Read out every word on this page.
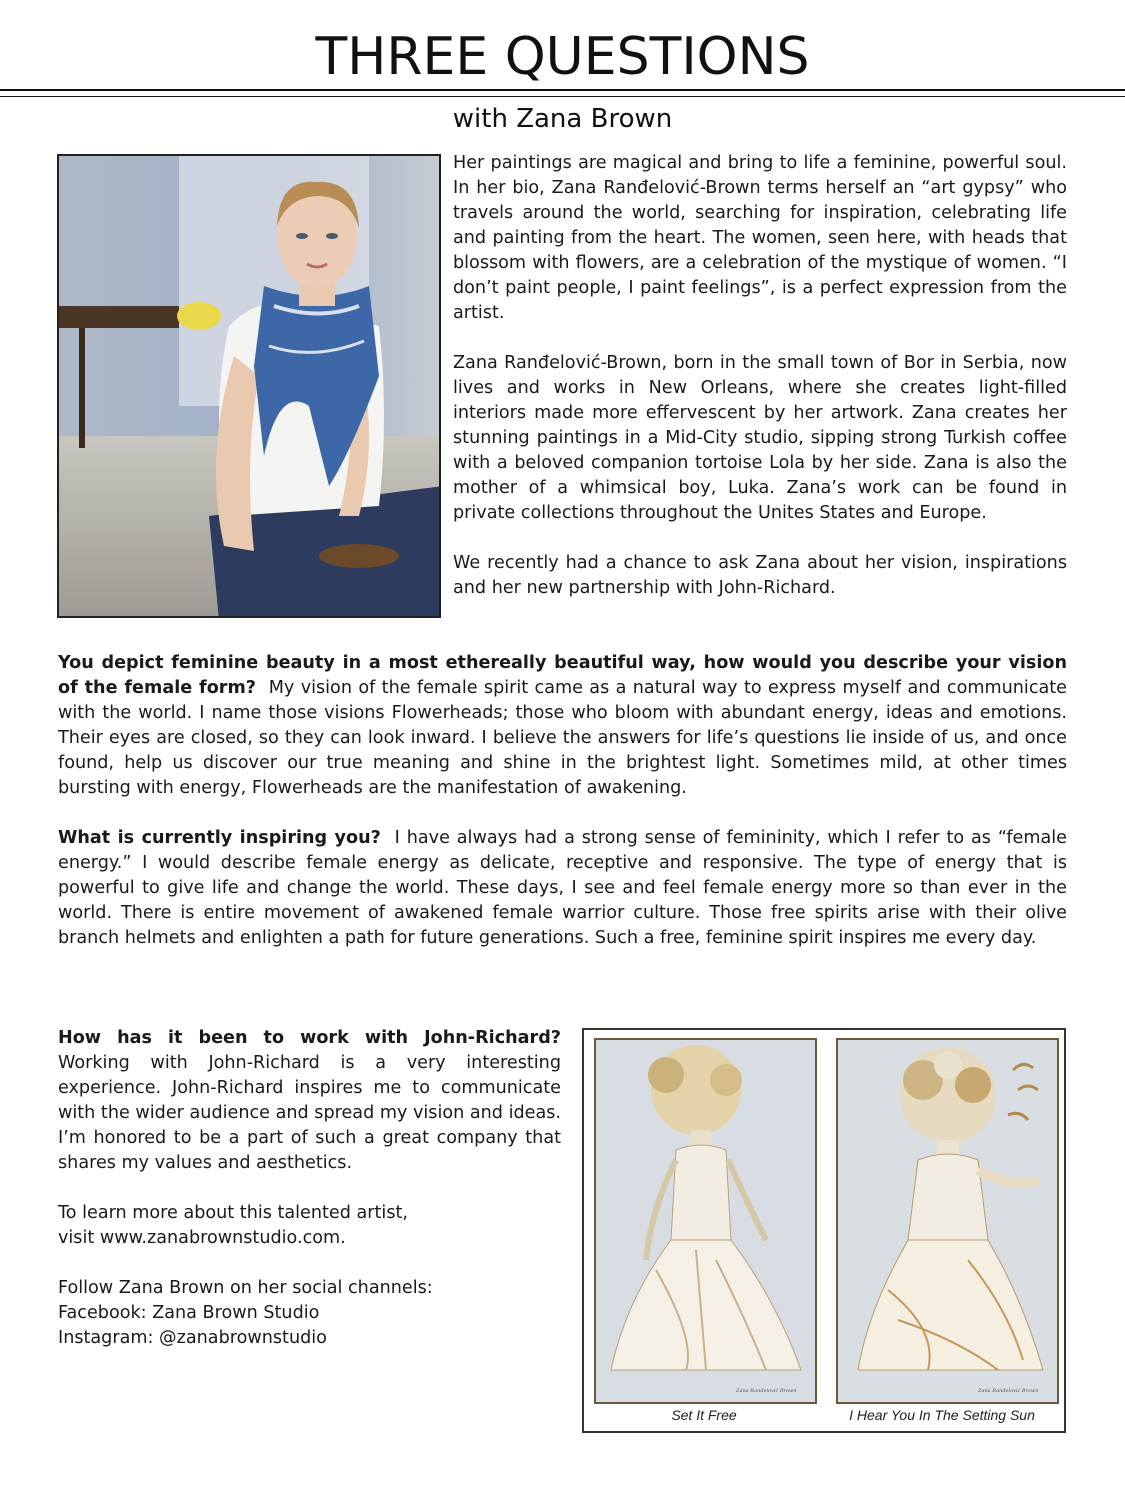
THREE QUESTIONS
with Zana Brown

Her paintings are magical and bring to life a feminine, powerful soul. In her bio, Zana Ranđelović-Brown terms herself an “art gypsy” who travels around the world, searching for inspiration, celebrating life and painting from the heart. The women, seen here, with heads that blossom with flowers, are a celebration of the mystique of women. “I don’t paint people, I paint feelings”, is a perfect expression from the artist.

Zana Ranđelović-Brown, born in the small town of Bor in Serbia, now lives and works in New Orleans, where she creates light-filled interiors made more effervescent by her artwork. Zana creates her stunning paintings in a Mid-City studio, sipping strong Turkish coffee with a beloved companion tortoise Lola by her side. Zana is also the mother of a whimsical boy, Luka. Zana’s work can be found in private collections throughout the Unites States and Europe.

We recently had a chance to ask Zana about her vision, inspirations and her new partnership with John-Richard.

You depict feminine beauty in a most ethereally beautiful way, how would you describe your vision of the female form? My vision of the female spirit came as a natural way to express myself and communicate with the world. I name those visions Flowerheads; those who bloom with abundant energy, ideas and emotions. Their eyes are closed, so they can look inward. I believe the answers for life’s questions lie inside of us, and once found, help us discover our true meaning and shine in the brightest light. Sometimes mild, at other times bursting with energy, Flowerheads are the manifestation of awakening.

What is currently inspiring you? I have always had a strong sense of femininity, which I refer to as “female energy.” I would describe female energy as delicate, receptive and responsive. The type of energy that is powerful to give life and change the world. These days, I see and feel female energy more so than ever in the world. There is entire movement of awakened female warrior culture. Those free spirits arise with their olive branch helmets and enlighten a path for future generations. Such a free, feminine spirit inspires me every day.

How has it been to work with John-Richard? Working with John-Richard is a very interesting experience. John-Richard inspires me to communicate with the wider audience and spread my vision and ideas. I’m honored to be a part of such a great company that shares my values and aesthetics.

To learn more about this talented artist,
visit www.zanabrownstudio.com.

Follow Zana Brown on her social channels:
Facebook: Zana Brown Studio
Instagram: @zanabrownstudio

Zana Ranđelović Brown	Zana Ranđelović Brown
Set It Free	I Hear You In The Setting Sun
